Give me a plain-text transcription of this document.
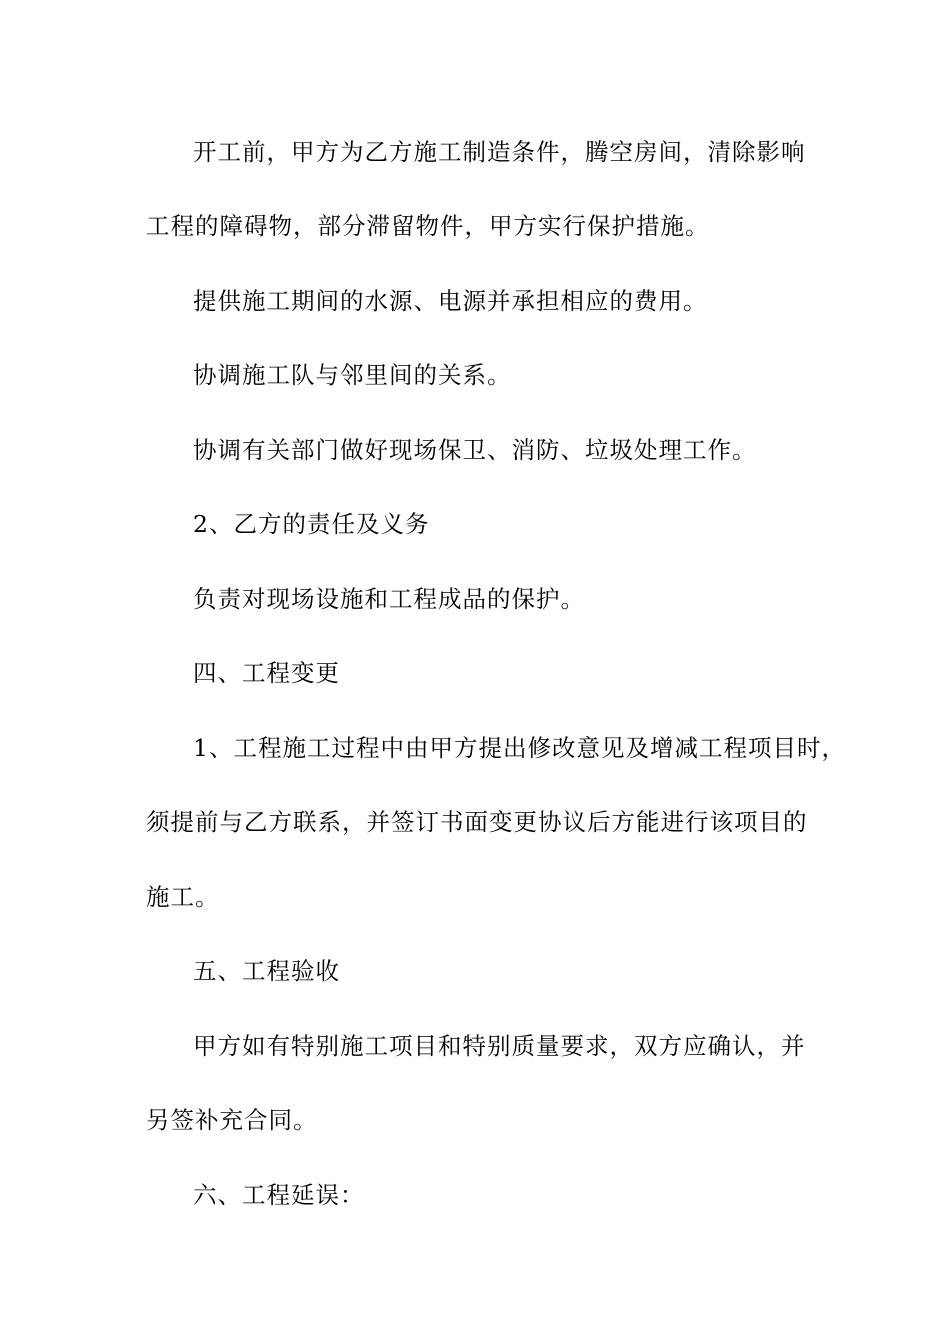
开工前，甲方为乙方施工制造条件，腾空房间，清除影响
工程的障碍物，部分滞留物件，甲方实行保护措施。
提供施工期间的水源、电源并承担相应的费用。
协调施工队与邻里间的关系。
协调有关部门做好现场保卫、消防、垃圾处理工作。
2、乙方的责任及义务
负责对现场设施和工程成品的保护。
四、工程变更
1、工程施工过程中由甲方提出修改意见及增减工程项目时，
须提前与乙方联系，并签订书面变更协议后方能进行该项目的
施工。
五、工程验收
甲方如有特别施工项目和特别质量要求，双方应确认，并
另签补充合同。
六、工程延误：
